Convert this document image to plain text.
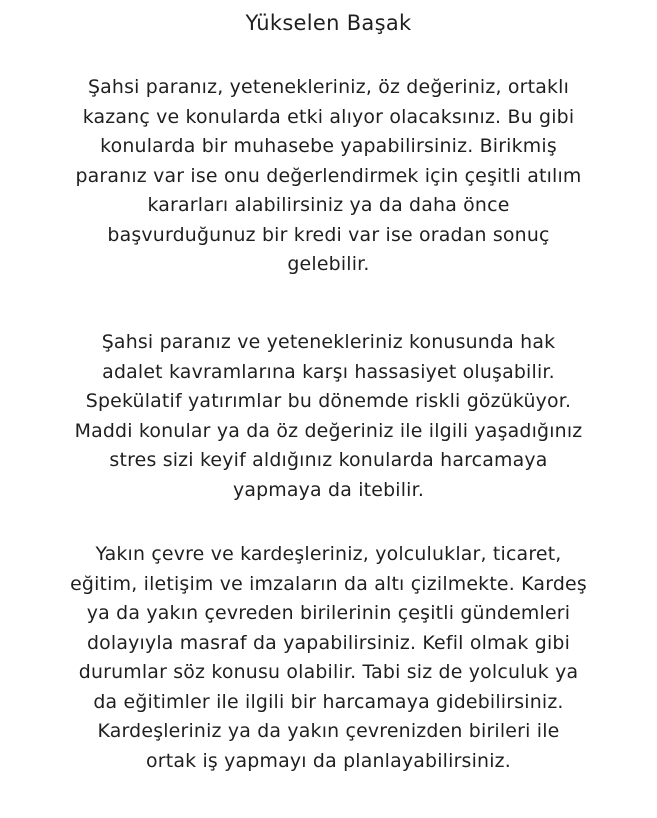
Yükselen Başak
Şahsi paranız, yetenekleriniz, öz değeriniz, ortaklı
kazanç ve konularda etki alıyor olacaksınız. Bu gibi
konularda bir muhasebe yapabilirsiniz. Birikmiş
paranız var ise onu değerlendirmek için çeşitli atılım
kararları alabilirsiniz ya da daha önce
başvurduğunuz bir kredi var ise oradan sonuç
gelebilir.
Şahsi paranız ve yetenekleriniz konusunda hak
adalet kavramlarına karşı hassasiyet oluşabilir.
Spekülatif yatırımlar bu dönemde riskli gözüküyor.
Maddi konular ya da öz değeriniz ile ilgili yaşadığınız
stres sizi keyif aldığınız konularda harcamaya
yapmaya da itebilir.
Yakın çevre ve kardeşleriniz, yolculuklar, ticaret,
eğitim, iletişim ve imzaların da altı çizilmekte. Kardeş
ya da yakın çevreden birilerinin çeşitli gündemleri
dolayıyla masraf da yapabilirsiniz. Kefil olmak gibi
durumlar söz konusu olabilir. Tabi siz de yolculuk ya
da eğitimler ile ilgili bir harcamaya gidebilirsiniz.
Kardeşleriniz ya da yakın çevrenizden birileri ile
ortak iş yapmayı da planlayabilirsiniz.
